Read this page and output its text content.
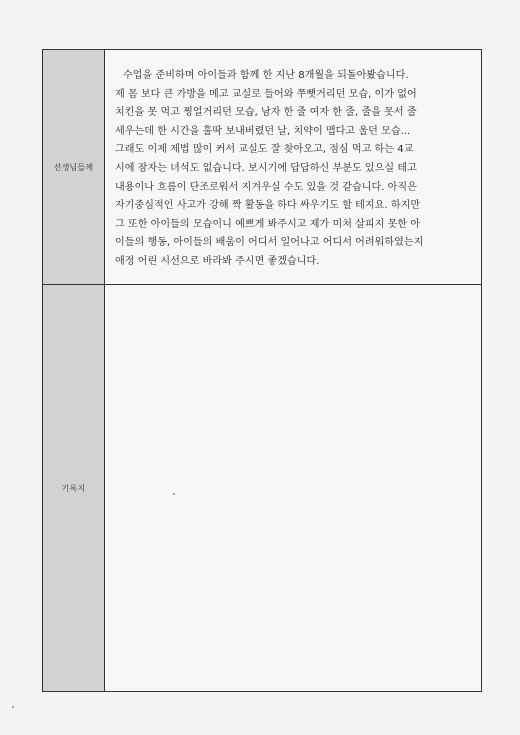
선생님들께

수업을 준비하며 아이들과 함께 한 지난 8개월을 되돌아봤습니다.
제 몸 보다 큰 가방을 메고 교실로 들어와 쭈뼛거리던 모습, 이가 없어
치킨을 못 먹고 찡얼거리던 모습, 남자 한 줄 여자 한 줄, 줄을 못서 줄
세우는데 한 시간을 훌딱 보내버렸던 날, 치약이 맵다고 울던 모습...
그래도 이제 제법 많이 커서 교실도 잘 찾아오고, 점심 먹고 하는 4교
시에 잠자는 녀석도 없습니다. 보시기에 답답하신 부분도 있으실 테고
내용이나 흐름이 단조로워서 지겨우실 수도 있을 것 같습니다. 아직은
자기중심적인 사고가 강해 짝 활동을 하다 싸우기도 할 테지요. 하지만
그 또한 아이들의 모습이니 예쁘게 봐주시고 제가 미처 살피지 못한 아
이들의 행동, 아이들의 배움이 어디서 일어나고 어디서 어려워하였는지
애정 어린 시선으로 바라봐 주시면 좋겠습니다.

기록지
